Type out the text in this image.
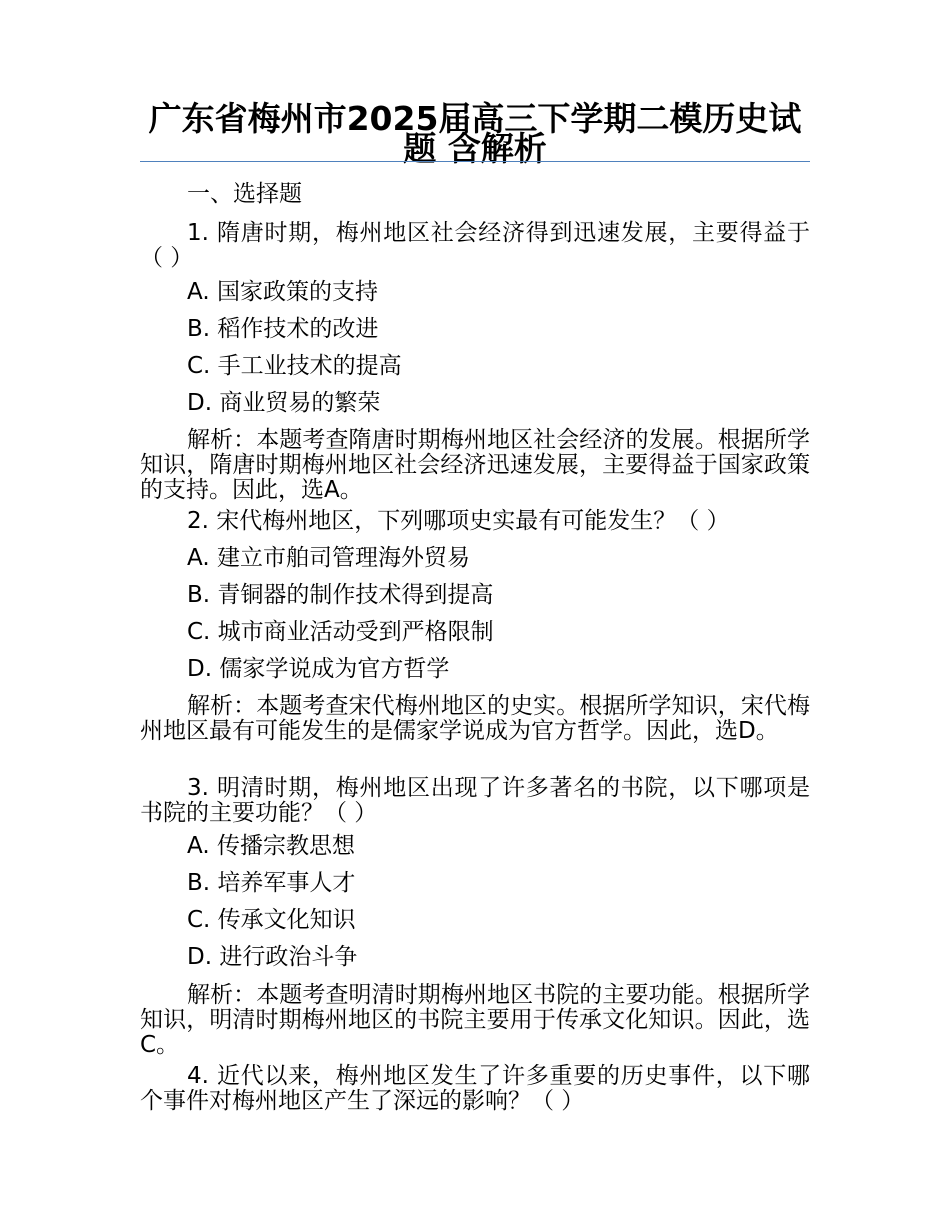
广东省梅州市2025届高三下学期二模历史试题 含解析

一、选择题

1. 隋唐时期，梅州地区社会经济得到迅速发展，主要得益于（ ）

A. 国家政策的支持

B. 稻作技术的改进

C. 手工业技术的提高

D. 商业贸易的繁荣

解析：本题考查隋唐时期梅州地区社会经济的发展。根据所学知识，隋唐时期梅州地区社会经济迅速发展，主要得益于国家政策的支持。因此，选A。

2. 宋代梅州地区，下列哪项史实最有可能发生？（ ）

A. 建立市舶司管理海外贸易

B. 青铜器的制作技术得到提高

C. 城市商业活动受到严格限制

D. 儒家学说成为官方哲学

解析：本题考查宋代梅州地区的史实。根据所学知识，宋代梅州地区最有可能发生的是儒家学说成为官方哲学。因此，选D。

3. 明清时期，梅州地区出现了许多著名的书院，以下哪项是书院的主要功能？（ ）

A. 传播宗教思想

B. 培养军事人才

C. 传承文化知识

D. 进行政治斗争

解析：本题考查明清时期梅州地区书院的主要功能。根据所学知识，明清时期梅州地区的书院主要用于传承文化知识。因此，选C。

4. 近代以来，梅州地区发生了许多重要的历史事件，以下哪个事件对梅州地区产生了深远的影响？（ ）
